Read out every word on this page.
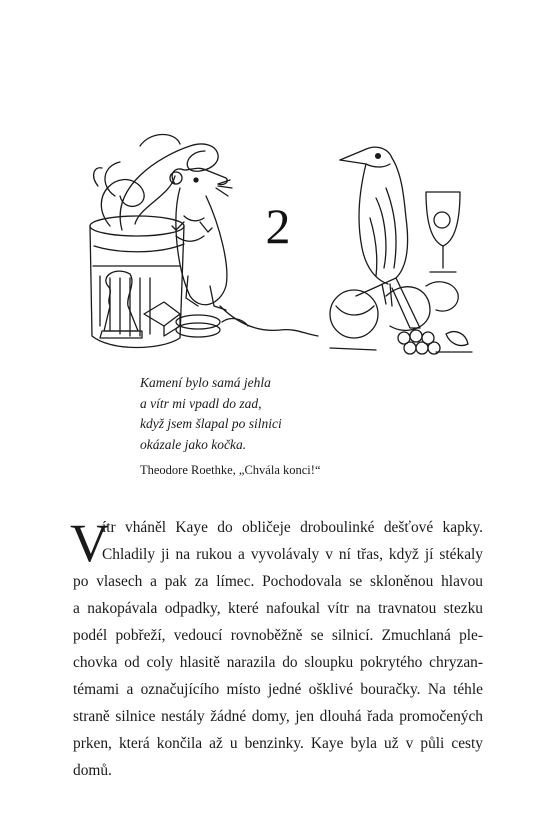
2
Kamení bylo samá jehla
a vítr mi vpadl do zad,
když jsem šlapal po silnici
okázale jako kočka.
Theodore Roethke, „Chvála konci!“
V
ítr vháněl Kaye do obličeje droboulinké dešťové kapky.
Chladily ji na rukou a vyvolávaly v ní třas, když jí stékaly
po vlasech a pak za límec. Pochodovala se skloněnou hlavou
a nakopávala odpadky, které nafoukal vítr na travnatou stezku
podél pobřeží, vedoucí rovnoběžně se silnicí. Zmuchlaná ple-
chovka od coly hlasitě narazila do sloupku pokrytého chryzan-
témami a označujícího místo jedné ošklivé bouračky. Na téhle
straně silnice nestály žádné domy, jen dlouhá řada promočených
prken, která končila až u benzinky. Kaye byla už v půli cesty
domů.
